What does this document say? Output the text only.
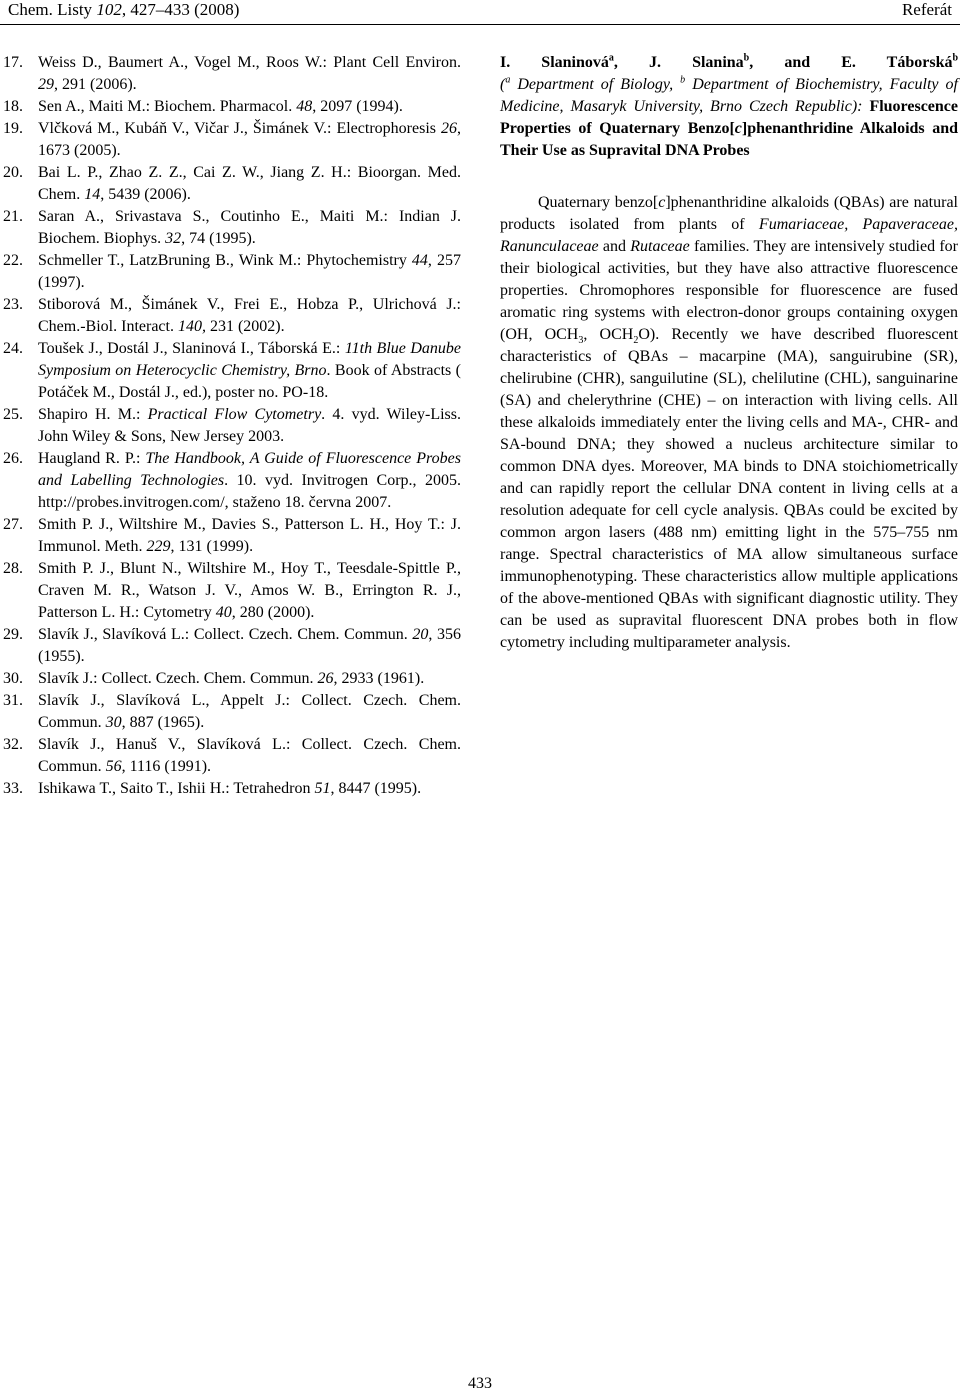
Chem. Listy 102, 427–433 (2008)	Referát
17. Weiss D., Baumert A., Vogel M., Roos W.: Plant Cell Environ. 29, 291 (2006).
18. Sen A., Maiti M.: Biochem. Pharmacol. 48, 2097 (1994).
19. Vlčková M., Kubáň V., Vičar J., Šimánek V.: Electrophoresis 26, 1673 (2005).
20. Bai L. P., Zhao Z. Z., Cai Z. W., Jiang Z. H.: Bioorgan. Med. Chem. 14, 5439 (2006).
21. Saran A., Srivastava S., Coutinho E., Maiti M.: Indian J. Biochem. Biophys. 32, 74 (1995).
22. Schmeller T., LatzBruning B., Wink M.: Phytochemistry 44, 257 (1997).
23. Stiborová M., Šimánek V., Frei E., Hobza P., Ulrichová J.: Chem.-Biol. Interact. 140, 231 (2002).
24. Toušek J., Dostál J., Slaninová I., Táborská E.: 11th Blue Danube Symposium on Heterocyclic Chemistry, Brno. Book of Abstracts ( Potáček M., Dostál J., ed.), poster no. PO-18.
25. Shapiro H. M.: Practical Flow Cytometry. 4. vyd. Wiley-Liss. John Wiley & Sons, New Jersey 2003.
26. Haugland R. P.: The Handbook, A Guide of Fluorescence Probes and Labelling Technologies. 10. vyd. Invitrogen Corp., 2005. http://probes.invitrogen.com/, staženo 18. června 2007.
27. Smith P. J., Wiltshire M., Davies S., Patterson L. H., Hoy T.: J. Immunol. Meth. 229, 131 (1999).
28. Smith P. J., Blunt N., Wiltshire M., Hoy T., Teesdale-Spittle P., Craven M. R., Watson J. V., Amos W. B., Errington R. J., Patterson L. H.: Cytometry 40, 280 (2000).
29. Slavík J., Slavíková L.: Collect. Czech. Chem. Commun. 20, 356 (1955).
30. Slavík J.: Collect. Czech. Chem. Commun. 26, 2933 (1961).
31. Slavík J., Slavíková L., Appelt J.: Collect. Czech. Chem. Commun. 30, 887 (1965).
32. Slavík J., Hanuš V., Slavíková L.: Collect. Czech. Chem. Commun. 56, 1116 (1991).
33. Ishikawa T., Saito T., Ishii H.: Tetrahedron 51, 8447 (1995).
I. Slaninová$^a$, J. Slanina$^b$, and E. Táborská$^b$
($^a$ Department of Biology, $^b$ Department of Biochemistry, Faculty of Medicine, Masaryk University, Brno Czech Republic): Fluorescence Properties of Quaternary Benzo[c]phenanthridine Alkaloids and Their Use as Supravital DNA Probes

Quaternary benzo[c]phenanthridine alkaloids (QBAs) are natural products isolated from plants of Fumariaceae, Papaveraceae, Ranunculaceae and Rutaceae families. They are intensively studied for their biological activities, but they have also attractive fluorescence properties. Chromophores responsible for fluorescence are fused aromatic ring systems with electron-donor groups containing oxygen (OH, $OCH_3$, $OCH_2O$). Recently we have described fluorescent characteristics of QBAs – macarpine (MA), sanguirubine (SR), chelirubine (CHR), sanguilutine (SL), chelilutine (CHL), sanguinarine (SA) and chelerythrine (CHE) – on interaction with living cells. All these alkaloids immediately enter the living cells and MA-, CHR- and SA-bound DNA; they showed a nucleus architecture similar to common DNA dyes. Moreover, MA binds to DNA stoichiometrically and can rapidly report the cellular DNA content in living cells at a resolution adequate for cell cycle analysis. QBAs could be excited by common argon lasers (488 nm) emitting light in the 575–755 nm range. Spectral characteristics of MA allow simultaneous surface immunophenotyping. These characteristics allow multiple applications of the above-mentioned QBAs with significant diagnostic utility. They can be used as supravital fluorescent DNA probes both in flow cytometry including multiparameter analysis.

433
